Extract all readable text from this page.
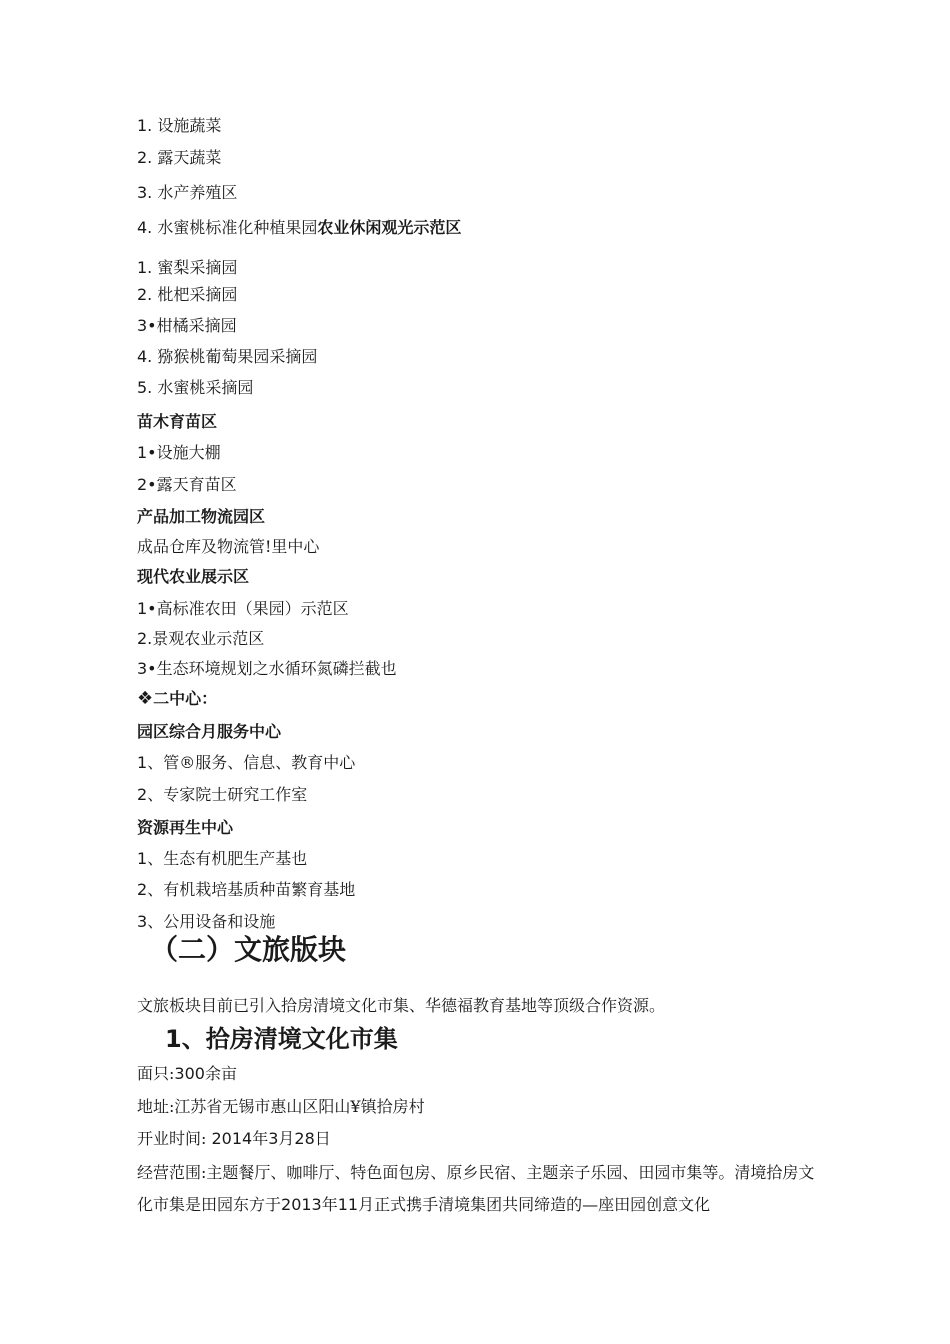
1. 设施蔬菜
2. 露天蔬菜
3. 水产养殖区
4. 水蜜桃标准化种植果园农业休闲观光示范区
1. 蜜梨采摘园
2. 枇杷采摘园
3•柑橘采摘园
4. 猕猴桃葡萄果园采摘园
5. 水蜜桃采摘园
苗木育苗区
1•设施大棚
2•露天育苗区
产品加工物流园区
成品仓库及物流管!里中心
现代农业展示区
1•高标准农田（果园）示范区
2.景观农业示范区
3•生态环境规划之水循环氮磷拦截也
❖二中心：
园区综合月服务中心
1、管®服务、信息、教育中心
2、专家院士研究工作室
资源再生中心
1、生态有机肥生产基也
2、有机栽培基质种苗繁育基地
3、公用设备和设施
（二）文旅版块
文旅板块目前已引入拾房清境文化市集、华德福教育基地等顶级合作资源。
1、拾房清境文化市集
面只:300余亩
地址:江苏省无锡市惠山区阳山¥镇拾房村
开业时间: 2014年3月28日
经营范围:主题餐厅、咖啡厅、特色面包房、原乡民宿、主题亲子乐园、田园市集等。清境拾房文化市集是田园东方于2013年11月正式携手清境集团共同缔造的—座田园创意文化
